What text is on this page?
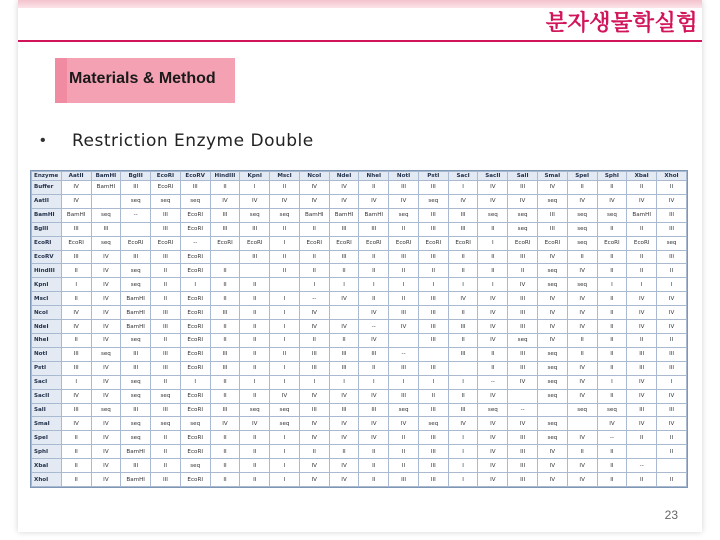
분자생물학실험
Materials & Method
• Restriction Enzyme Double
Enzyme	AatII	BamHI	BglII	EcoRI	EcoRV	HindIII	KpnI	MscI	NcoI	NdeI	NheI	NotI	PstI	SacI	SacII	SalI	SmaI	SpeI	SphI	XbaI	XhoI
Buffer	IV	BamHI	III	EcoRI	III	II	I	II	IV	IV	II	III	III	I	IV	III	IV	II	II	II	II
AatII	IV		seq	seq	seq	IV	IV	IV	IV	IV	IV	IV	seq	IV	IV	IV	seq	IV	IV	IV	IV
BamHI	BamHI	seq	--	III	EcoRI	III	seq	seq	BamHI	BamHI	BamHI	seq	III	III	seq	seq	III	seq	seq	BamHI	III
BglII	III	III		III	EcoRI	III	III	II	II	III	III	II	III	III	II	seq	III	seq	II	II	III
EcoRI	EcoRI	seq	EcoRI	EcoRI	--	EcoRI	EcoRI	I	EcoRI	EcoRI	EcoRI	EcoRI	EcoRI	EcoRI	I	EcoRI	EcoRI	seq	EcoRI	EcoRI	seq
EcoRV	III	IV	III	III	EcoRI		III	II	II	III	II	III	III	II	II	III	IV	II	II	II	III
HindIII	II	IV	seq	II	EcoRI	II		II	II	II	II	II	II	II	II	II	seq	IV	II	II	II
KpnI	I	IV	seq	II	I	II	II		I	I	I	I	I	I	I	IV	seq	seq	I	I	I
MscI	II	IV	BamHI	II	EcoRI	II	II	I	--	IV	II	II	III	IV	IV	III	IV	IV	II	IV	IV
NcoI	IV	IV	BamHI	III	EcoRI	III	II	I	IV		IV	III	III	II	IV	III	IV	IV	II	IV	IV
NdeI	IV	IV	BamHI	III	EcoRI	II	II	I	IV	IV	--	IV	III	III	IV	III	IV	IV	II	IV	IV
NheI	II	IV	seq	II	EcoRI	II	II	I	II	II	IV		III	II	IV	seq	IV	II	II	II	II
NotI	III	seq	III	III	EcoRI	III	II	II	III	III	III	--		III	II	III	seq	II	II	III	III
PstI	III	IV	III	III	EcoRI	III	II	I	III	III	II	III	III		II	III	seq	IV	II	III	III
SacI	I	IV	seq	II	I	II	I	I	I	I	I	I	I	I	--	IV	seq	IV	I	IV	I
SacII	IV	IV	seq	seq	EcoRI	II	II	IV	IV	IV	IV	III	II	II	IV		seq	IV	II	IV	IV
SalI	III	seq	III	III	EcoRI	III	seq	seq	III	III	III	seq	III	III	seq	--		seq	seq	III	III
SmaI	IV	IV	seq	seq	seq	IV	IV	seq	IV	IV	IV	IV	seq	IV	IV	IV	seq		IV	IV	IV
SpeI	II	IV	seq	II	EcoRI	II	II	I	IV	IV	IV	II	III	I	IV	III	seq	IV	--	II	II
SphI	II	IV	BamHI	II	EcoRI	II	II	I	II	II	II	II	III	I	IV	III	IV	II	II		II
XbaI	II	IV	III	II	seq	II	II	I	IV	IV	II	II	III	I	IV	III	IV	IV	II	--	
XhoI	II	IV	BamHI	III	EcoRI	II	II	I	IV	IV	II	III	III	I	IV	III	IV	IV	II	II	II
23
